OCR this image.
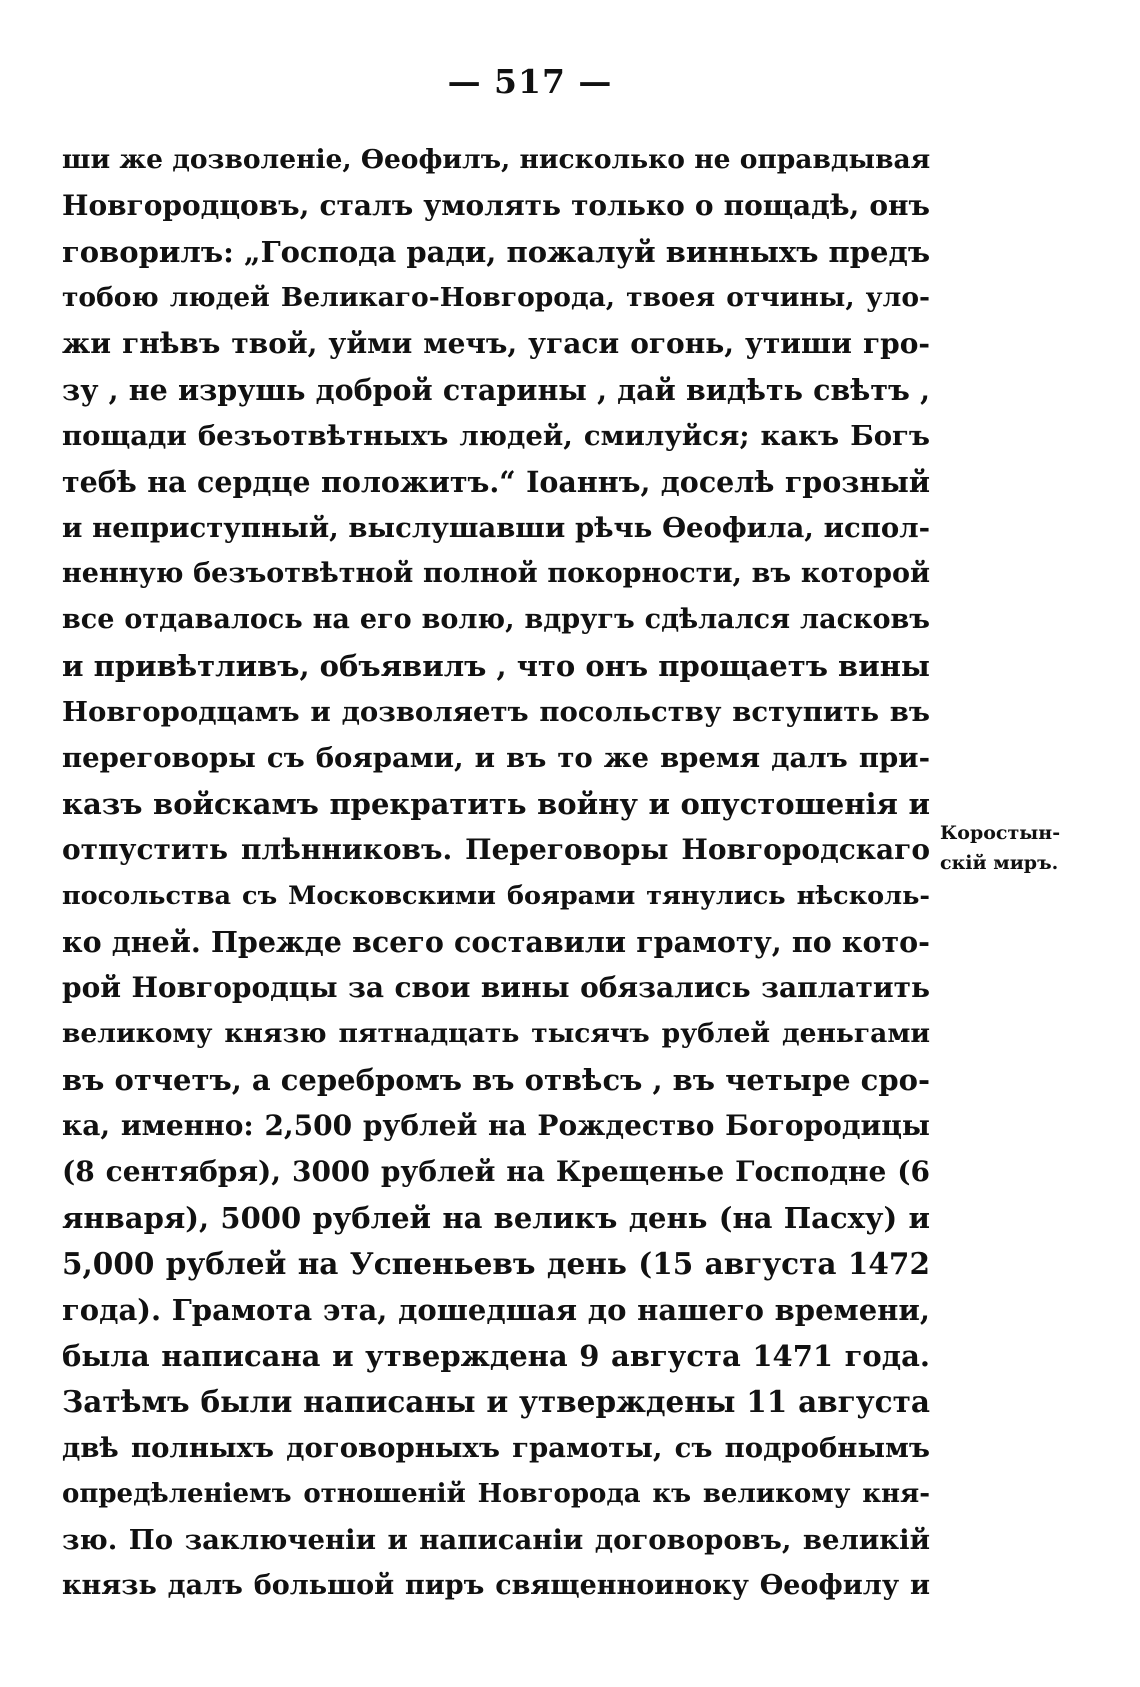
— 517 —
ши же дозволеніе, Ѳеофилъ, нисколько не оправдывая
Новгородцовъ, сталъ умолять только о пощадѣ, онъ
говорилъ: „Господа ради, пожалуй винныхъ предъ
тобою людей Великаго-Новгорода, твоея отчины, уло-
жи гнѣвъ твой, уйми мечъ, угаси огонь, утиши гро-
зу , не изрушь доброй старины , дай видѣть свѣтъ ,
пощади безъотвѣтныхъ людей, смилуйся; какъ Богъ
тебѣ на сердце положитъ.“ Іоаннъ, доселѣ грозный
и неприступный, выслушавши рѣчь Ѳеофила, испол-
ненную безъотвѣтной полной покорности, въ которой
все отдавалось на его волю, вдругъ сдѣлался ласковъ
и привѣтливъ, объявилъ , что онъ прощаетъ вины
Новгородцамъ и дозволяетъ посольству вступить въ
переговоры съ боярами, и въ то же время далъ при-
казъ войскамъ прекратить войну и опустошенія и
отпустить плѣнниковъ. Переговоры Новгородскаго
посольства съ Московскими боярами тянулись нѣсколь-
ко дней. Прежде всего составили грамоту, по кото-
рой Новгородцы за свои вины обязались заплатить
великому князю пятнадцать тысячъ рублей деньгами
въ отчетъ, а серебромъ въ отвѣсъ , въ четыре сро-
ка, именно: 2,500 рублей на Рождество Богородицы
(8 сентября), 3000 рублей на Крещенье Господне (6
января), 5000 рублей на великъ день (на Пасху) и
5,000 рублей на Успеньевъ день (15 августа 1472
года). Грамота эта, дошедшая до нашего времени,
была написана и утверждена 9 августа 1471 года.
Затѣмъ были написаны и утверждены 11 августа
двѣ полныхъ договорныхъ грамоты, съ подробнымъ
опредѣленіемъ отношеній Новгорода къ великому кня-
зю. По заключеніи и написаніи договоровъ, великій
князь далъ большой пиръ священноиноку Ѳеофилу и
Коростын-
скій миръ.
